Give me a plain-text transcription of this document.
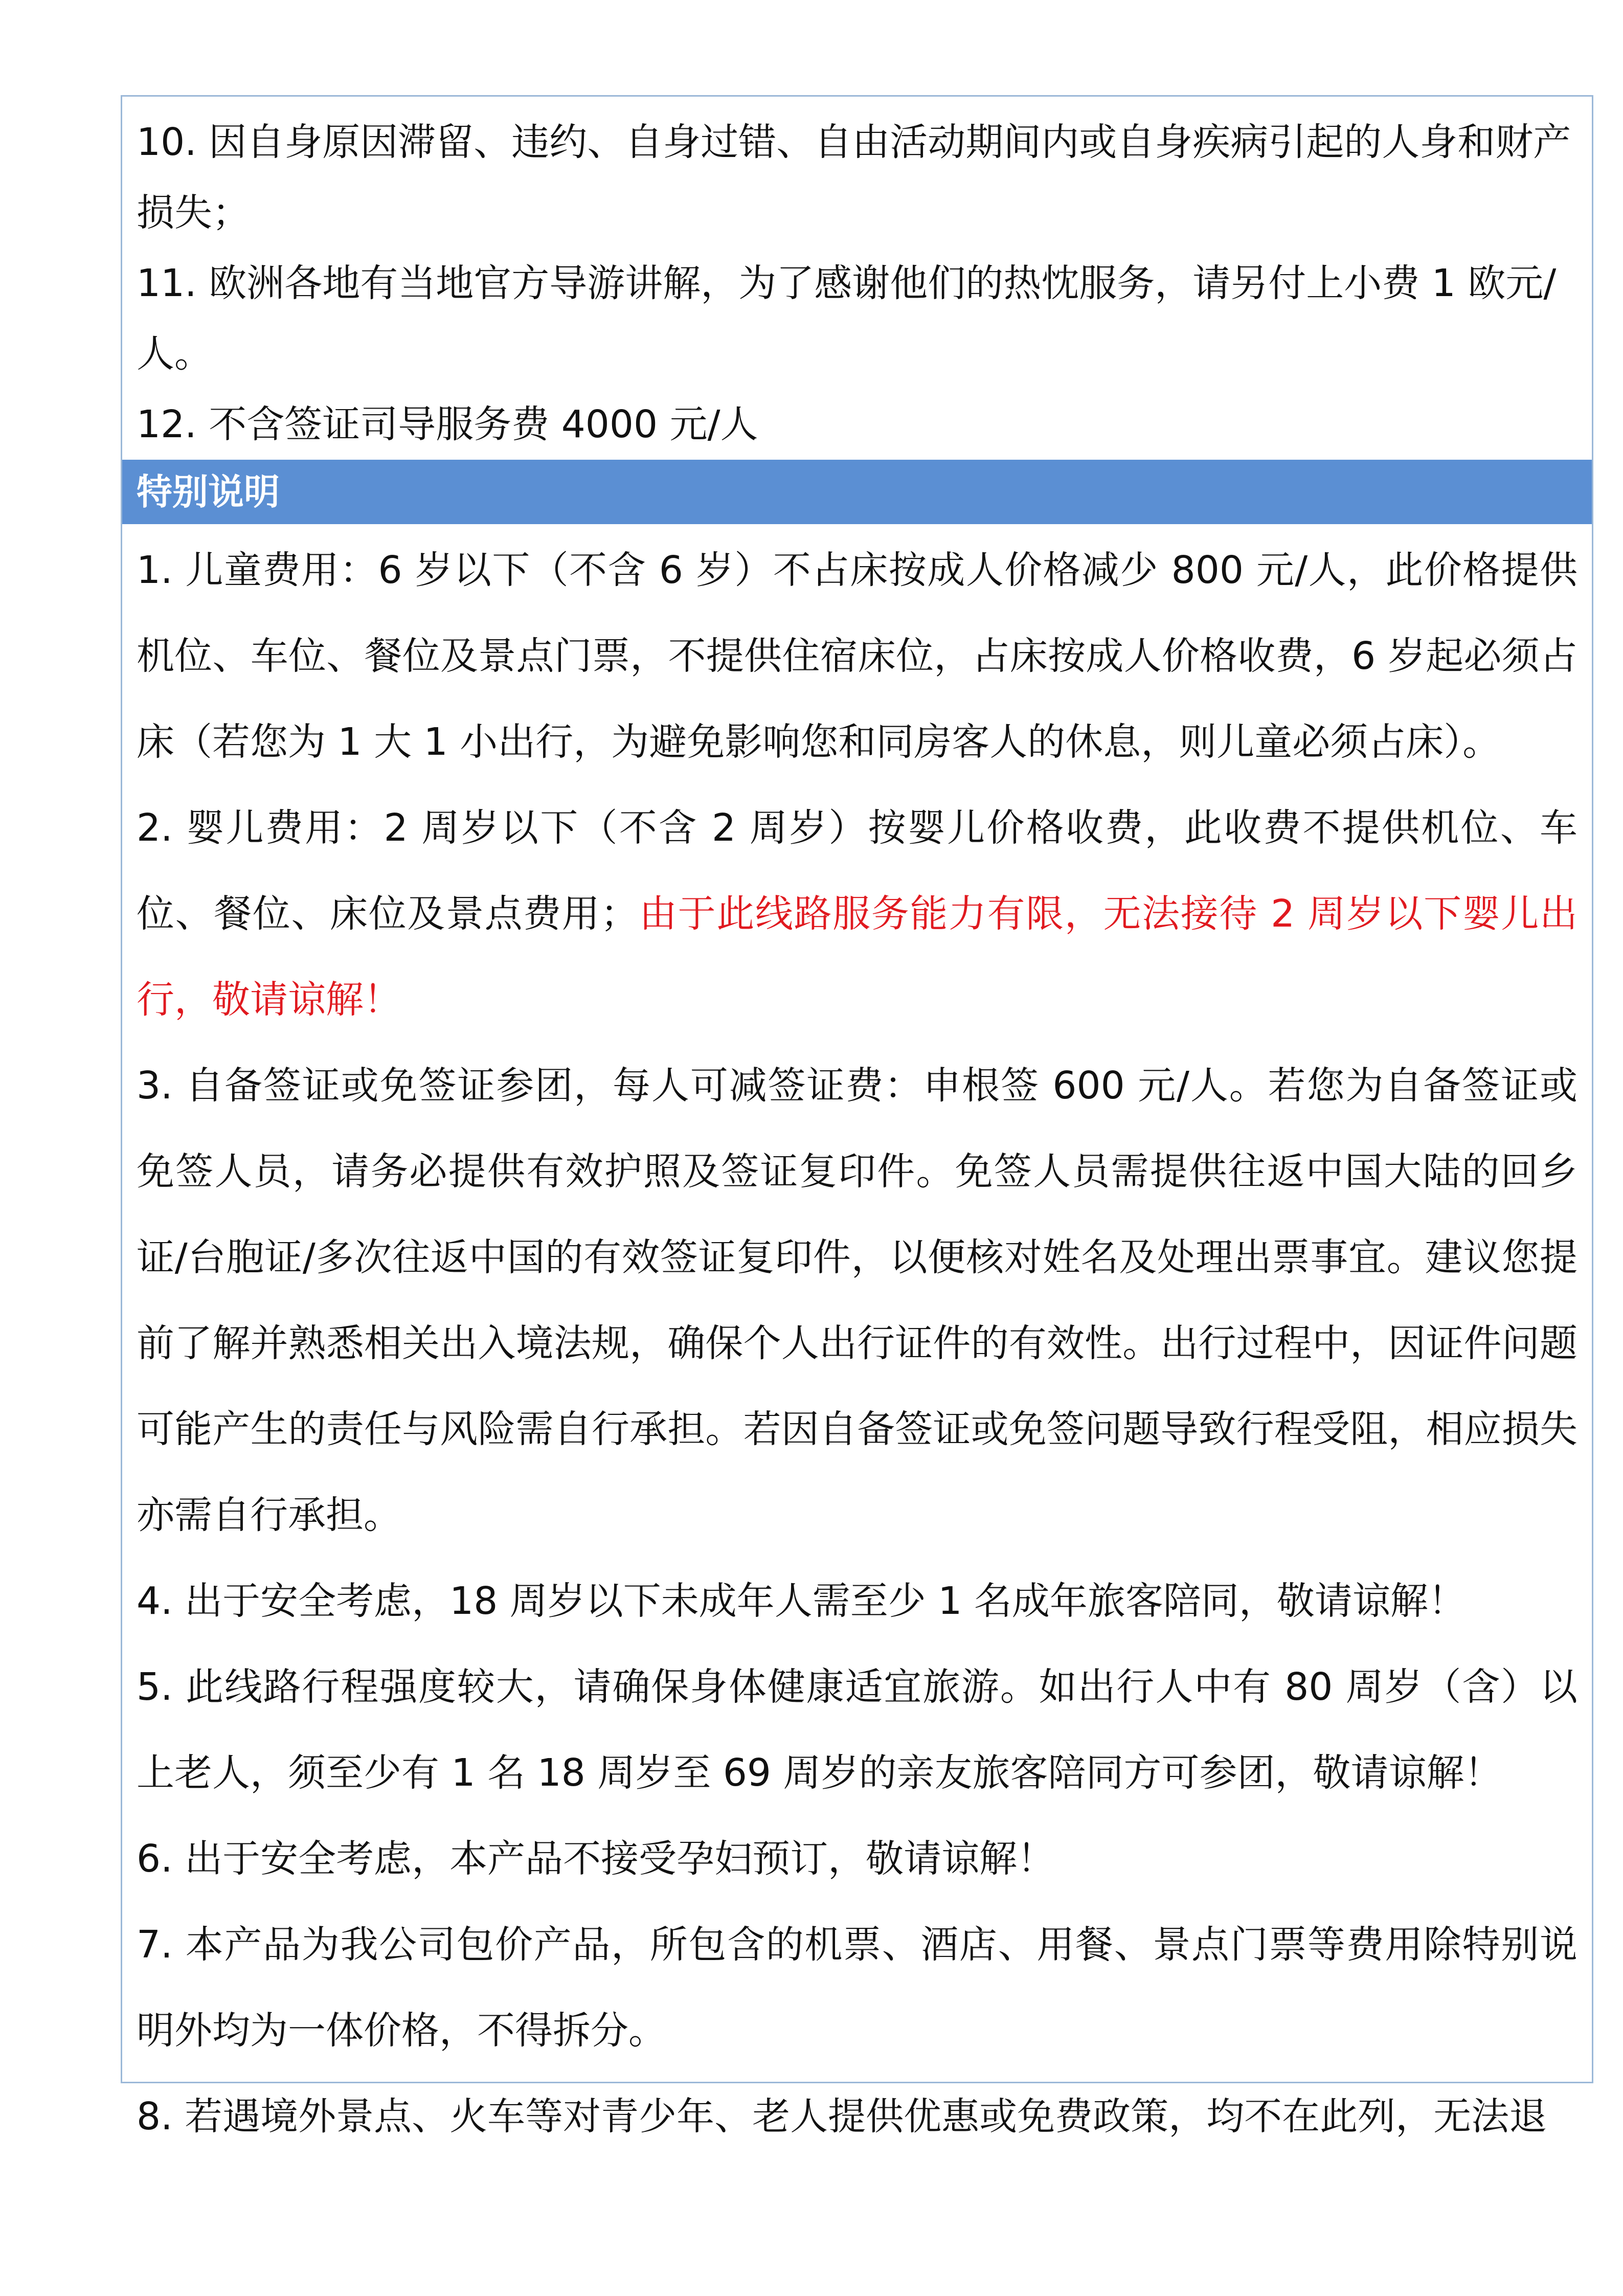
10. 因自身原因滞留、违约、自身过错、自由活动期间内或自身疾病引起的人身和财产损失；

11. 欧洲各地有当地官方导游讲解，为了感谢他们的热忱服务，请另付上小费 1 欧元/人。

12. 不含签证司导服务费 4000 元/人

特别说明

1. 儿童费用：6 岁以下（不含 6 岁）不占床按成人价格减少 800 元/人，此价格提供机位、车位、餐位及景点门票，不提供住宿床位，占床按成人价格收费，6 岁起必须占床（若您为 1 大 1 小出行，为避免影响您和同房客人的休息，则儿童必须占床）。

2. 婴儿费用：2 周岁以下（不含 2 周岁）按婴儿价格收费，此收费不提供机位、车位、餐位、床位及景点费用；由于此线路服务能力有限，无法接待 2 周岁以下婴儿出行，敬请谅解！

3. 自备签证或免签证参团，每人可减签证费：申根签 600 元/人。若您为自备签证或免签人员，请务必提供有效护照及签证复印件。免签人员需提供往返中国大陆的回乡证/台胞证/多次往返中国的有效签证复印件，以便核对姓名及处理出票事宜。建议您提前了解并熟悉相关出入境法规，确保个人出行证件的有效性。出行过程中，因证件问题可能产生的责任与风险需自行承担。若因自备签证或免签问题导致行程受阻，相应损失亦需自行承担。

4. 出于安全考虑，18 周岁以下未成年人需至少 1 名成年旅客陪同，敬请谅解！

5. 此线路行程强度较大，请确保身体健康适宜旅游。如出行人中有 80 周岁（含）以上老人，须至少有 1 名 18 周岁至 69 周岁的亲友旅客陪同方可参团，敬请谅解！

6. 出于安全考虑，本产品不接受孕妇预订，敬请谅解！

7. 本产品为我公司包价产品，所包含的机票、酒店、用餐、景点门票等费用除特别说明外均为一体价格，不得拆分。

8. 若遇境外景点、火车等对青少年、老人提供优惠或免费政策，均不在此列，无法退
